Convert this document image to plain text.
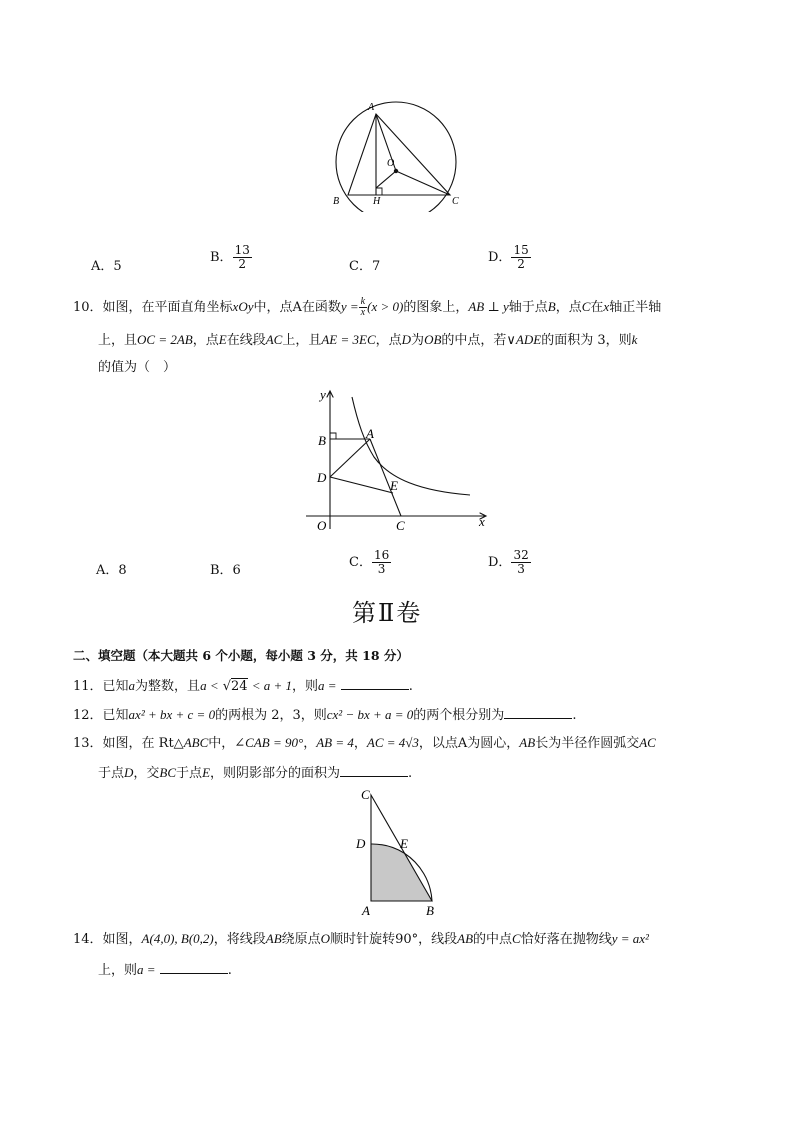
A
O
B	H	C
A．5
B． $\frac{13}{2}$	C．7
D． $\frac{15}{2}$
10．如图，在平面直角坐标xOy中，点A在函数$y = \frac{k}{x} (x > 0)$的图象上，AB ⊥ y轴于点B，点C在x轴正半轴
上，且OC = 2AB，点E在线段AC上，且AE = 3EC，点D为OB的中点，若∨ADE的面积为 3，则k
的值为（　）
y
B	A
D
E
O	C	x
A．8	B．6
C． $\frac{16}{3}$	D． $\frac{32}{3}$
第Ⅱ卷
二、填空题（本大题共 6 个小题，每小题 3 分，共 18 分）
11．已知a为整数，且a < √24 < a + 1，则a =	.
12．已知ax² + bx + c = 0的两根为 2，3，则cx² − bx + a = 0的两个根分别为	.
13．如图，在 Rt△ABC中，∠CAB = 90°，AB = 4，AC = 4√3，以点A为圆心，AB长为半径作圆弧交AC
于点D，交BC于点E，则阴影部分的面积为	.
C
D	E
A	B
14．如图，A(4,0), B(0,2)，将线段AB绕原点O顺时针旋转90°，线段AB的中点C恰好落在抛物线y = ax²
上，则a =	.
